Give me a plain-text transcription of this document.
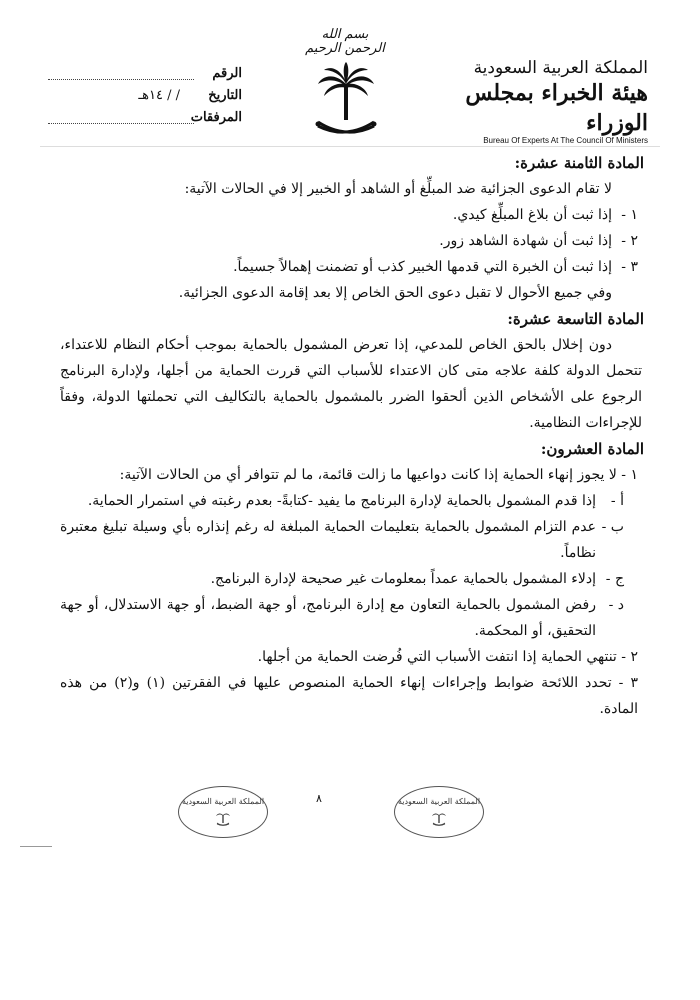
المملكة العربية السعودية
هيئة الخبراء بمجلس الوزراء
Bureau Of Experts At The Council Of Ministers
بسم الله الرحمن الرحيم
الرقم
التاريخ
/ / ١٤هـ
المرفقات

المادة الثامنة عشرة:

لا تقام الدعوى الجزائية ضد المبلِّغ أو الشاهد أو الخبير إلا في الحالات الآتية:

١ -
إذا ثبت أن بلاغ المبلِّغ كيدي.
٢ -
إذا ثبت أن شهادة الشاهد زور.
٣ -
إذا ثبت أن الخبرة التي قدمها الخبير كذب أو تضمنت إهمالاً جسيماً.

وفي جميع الأحوال لا تقبل دعوى الحق الخاص إلا بعد إقامة الدعوى الجزائية.

المادة التاسعة عشرة:

دون إخلال بالحق الخاص للمدعي، إذا تعرض المشمول بالحماية بموجب أحكام النظام للاعتداء، تتحمل الدولة كلفة علاجه متى كان الاعتداء للأسباب التي قررت الحماية من أجلها، ولإدارة البرنامج الرجوع على الأشخاص الذين ألحقوا الضرر بالمشمول بالحماية بالتكاليف التي تحملتها الدولة، وفقاً للإجراءات النظامية.

المادة العشرون:

١ - لا يجوز إنهاء الحماية إذا كانت دواعيها ما زالت قائمة، ما لم تتوافر أي من الحالات الآتية:

أ -
إذا قدم المشمول بالحماية لإدارة البرنامج ما يفيد -كتابةً- بعدم رغبته في استمرار الحماية.
ب -
عدم التزام المشمول بالحماية بتعليمات الحماية المبلغة له رغم إنذاره بأي وسيلة تبليغ معتبرة نظاماً.
ج -
إدلاء المشمول بالحماية عمداً بمعلومات غير صحيحة لإدارة البرنامج.
د -
رفض المشمول بالحماية التعاون مع إدارة البرنامج، أو جهة الضبط، أو جهة الاستدلال، أو جهة التحقيق، أو المحكمة.

٢ - تنتهي الحماية إذا انتفت الأسباب التي فُرضت الحماية من أجلها.

٣ - تحدد اللائحة ضوابط وإجراءات إنهاء الحماية المنصوص عليها في الفقرتين (١) و(٢) من هذه المادة.

المملكة العربية السعودية	٨	المملكة العربية السعودية
